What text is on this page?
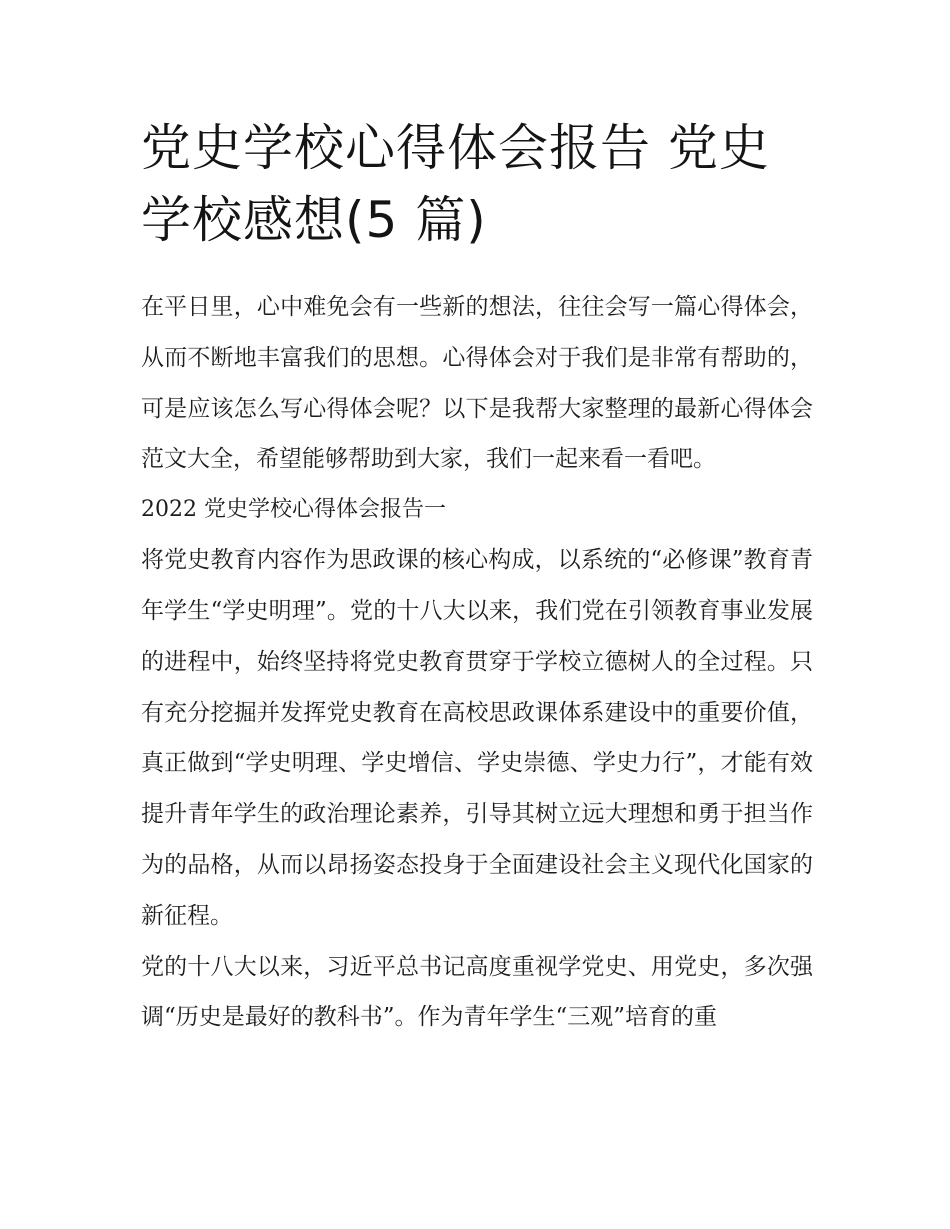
党史学校心得体会报告 党史学校感想(5 篇)

在平日里，心中难免会有一些新的想法，往往会写一篇心得体会，从而不断地丰富我们的思想。心得体会对于我们是非常有帮助的，可是应该怎么写心得体会呢？以下是我帮大家整理的最新心得体会范文大全，希望能够帮助到大家，我们一起来看一看吧。

2022 党史学校心得体会报告一

将党史教育内容作为思政课的核心构成，以系统的“必修课”教育青年学生“学史明理”。党的十八大以来，我们党在引领教育事业发展的进程中，始终坚持将党史教育贯穿于学校立德树人的全过程。只有充分挖掘并发挥党史教育在高校思政课体系建设中的重要价值，真正做到“学史明理、学史增信、学史崇德、学史力行”，才能有效提升青年学生的政治理论素养，引导其树立远大理想和勇于担当作为的品格，从而以昂扬姿态投身于全面建设社会主义现代化国家的新征程。

党的十八大以来，习近平总书记高度重视学党史、用党史，多次强调“历史是最好的教科书”。作为青年学生“三观”培育的重
